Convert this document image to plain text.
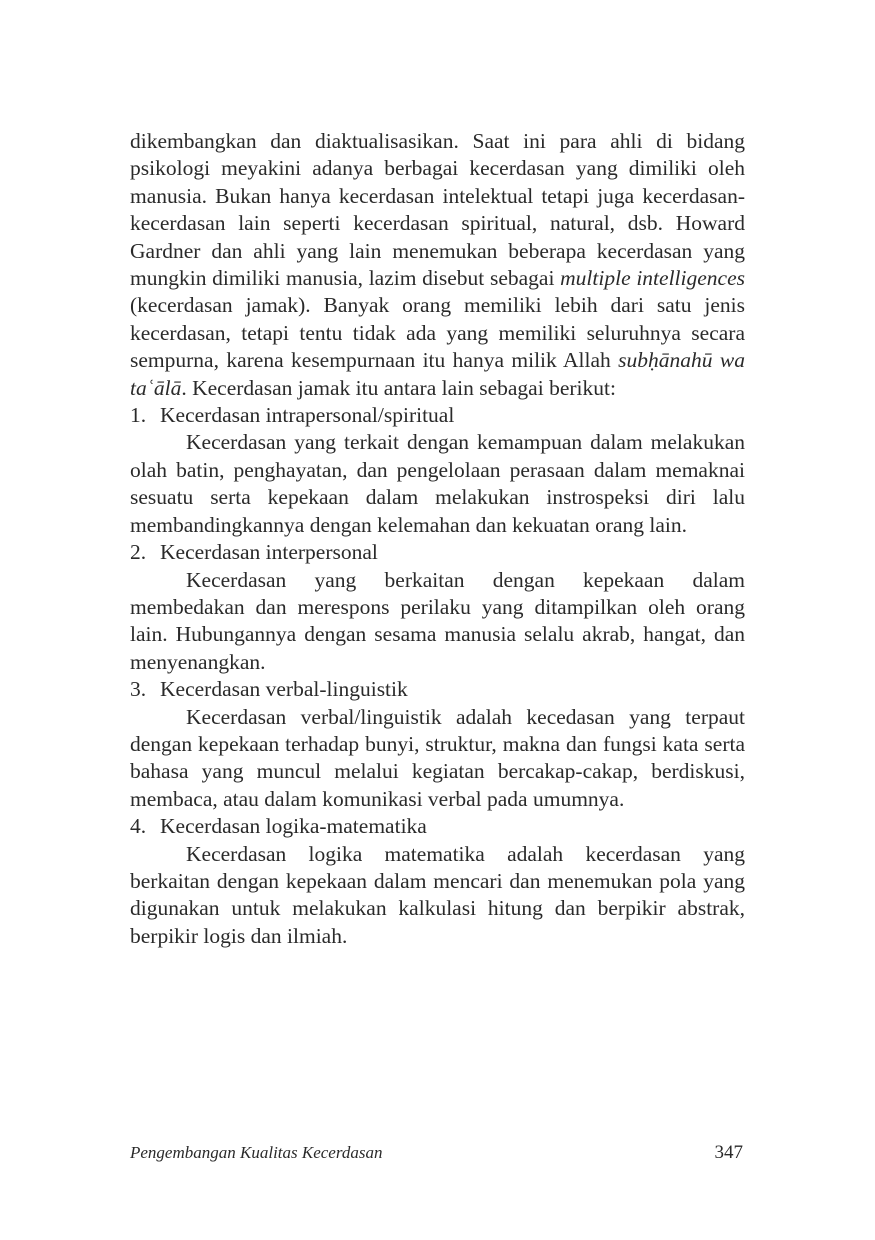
dikembangkan dan diaktualisasikan. Saat ini para ahli di bidang psikologi meyakini adanya berbagai kecerdasan yang dimiliki oleh manusia. Bukan hanya kecerdasan intelektual tetapi juga kecerdasan-kecerdasan lain seperti kecerdasan spiritual, natural, dsb. Howard Gardner dan ahli yang lain menemukan beberapa kecerdasan yang mungkin dimiliki manusia, lazim disebut sebagai multiple intelligences (kecerdasan jamak). Banyak orang memiliki lebih dari satu jenis kecerdasan, tetapi tentu tidak ada yang memiliki seluruhnya secara sempurna, karena kesempurnaan itu hanya milik Allah subḥānahū wa taʿālā. Kecerdasan jamak itu antara lain sebagai berikut:

1. Kecerdasan intrapersonal/spiritual

Kecerdasan yang terkait dengan kemampuan dalam melakukan olah batin, penghayatan, dan pengelolaan perasaan dalam memaknai sesuatu serta kepekaan dalam melakukan instrospeksi diri lalu membandingkannya dengan kelemahan dan kekuatan orang lain.

2. Kecerdasan interpersonal

Kecerdasan yang berkaitan dengan kepekaan dalam membedakan dan merespons perilaku yang ditampilkan oleh orang lain. Hubungannya dengan sesama manusia selalu akrab, hangat, dan menyenangkan.

3. Kecerdasan verbal-linguistik

Kecerdasan verbal/linguistik adalah kecedasan yang terpaut dengan kepekaan terhadap bunyi, struktur, makna dan fungsi kata serta bahasa yang muncul melalui kegiatan bercakap-cakap, berdiskusi, membaca, atau dalam komunikasi verbal pada umumnya.

4. Kecerdasan logika-matematika

Kecerdasan logika matematika adalah kecerdasan yang berkaitan dengan kepekaan dalam mencari dan menemukan pola yang digunakan untuk melakukan kalkulasi hitung dan berpikir abstrak, berpikir logis dan ilmiah.

Pengembangan Kualitas Kecerdasan	347
